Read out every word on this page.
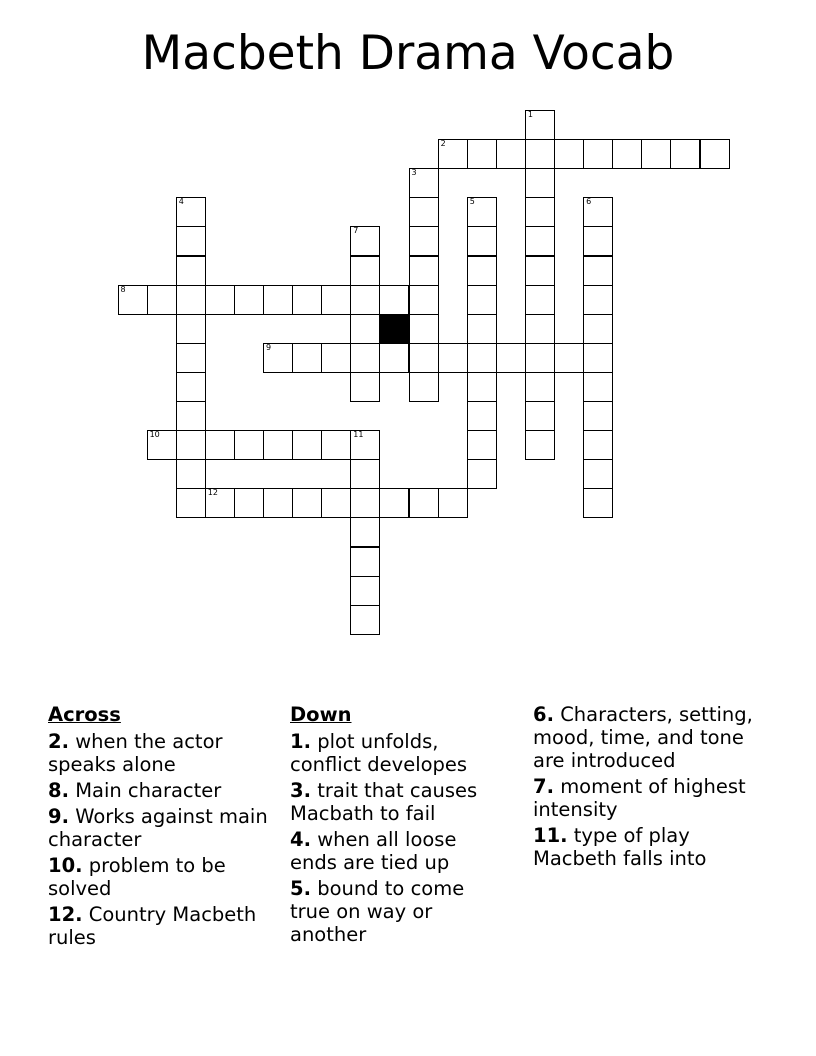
Macbeth Drama Vocab
2
8
9
10	11
12
1
3
4	5	6
7
Across
2. when the actor speaks alone
8. Main character
9. Works against main character
10. problem to be solved
12. Country Macbeth rules
Down
1. plot unfolds, conflict developes
3. trait that causes Macbath to fail
4. when all loose ends are tied up
5. bound to come true on way or another
6. Characters, setting, mood, time, and tone are introduced
7. moment of highest intensity
11. type of play Macbeth falls into
